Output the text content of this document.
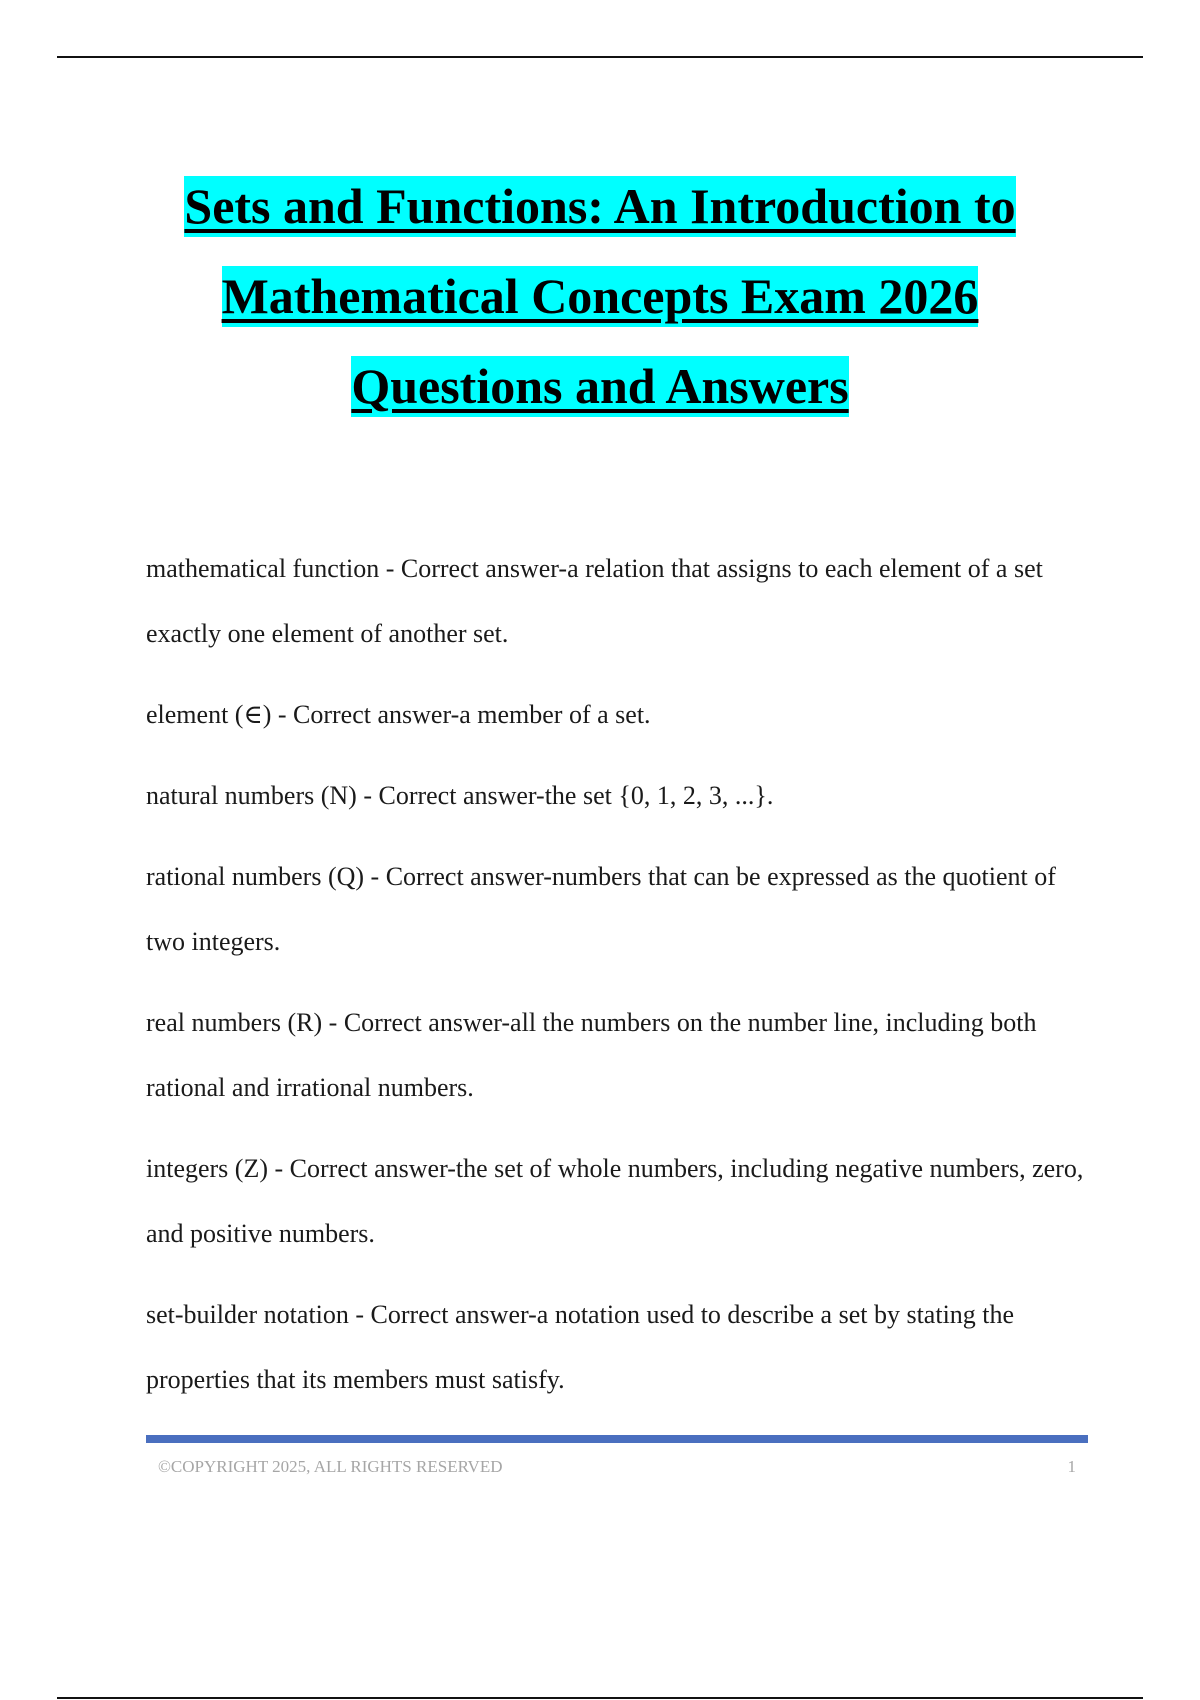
Sets and Functions: An Introduction to
Mathematical Concepts Exam 2026
Questions and Answers

mathematical function - Correct answer-a relation that assigns to each element of a set exactly one element of another set.

element (∈) - Correct answer-a member of a set.

natural numbers (N) - Correct answer-the set {0, 1, 2, 3, ...}.

rational numbers (Q) - Correct answer-numbers that can be expressed as the quotient of two integers.

real numbers (R) - Correct answer-all the numbers on the number line, including both rational and irrational numbers.

integers (Z) - Correct answer-the set of whole numbers, including negative numbers, zero, and positive numbers.

set-builder notation - Correct answer-a notation used to describe a set by stating the properties that its members must satisfy.

©COPYRIGHT 2025, ALL RIGHTS RESERVED	1
